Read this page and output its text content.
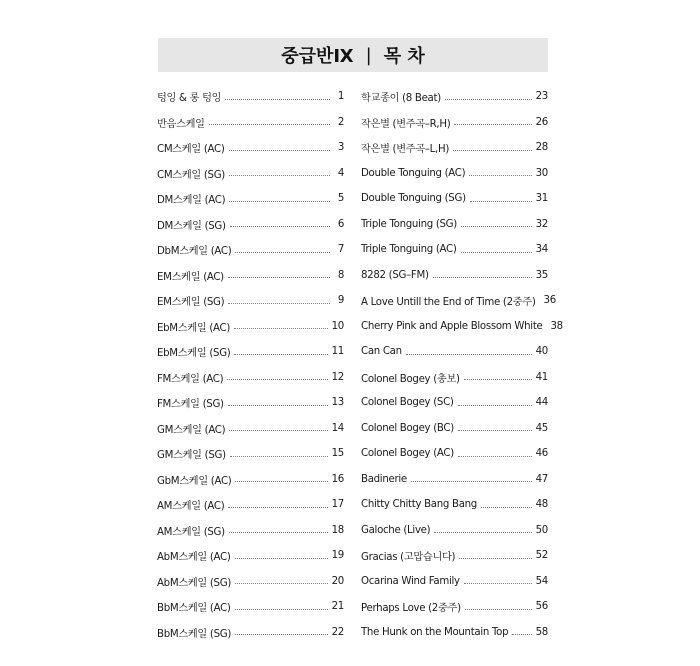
중급반Ⅸ | 목 차
텅잉 & 롱 텅잉	1
반음스케일	2
CM스케일 (AC)	3
CM스케일 (SG)	4
DM스케일 (AC)	5
DM스케일 (SG)	6
DbM스케일 (AC)	7
EM스케일 (AC)	8
EM스케일 (SG)	9
EbM스케일 (AC)	10
EbM스케일 (SG)	11
FM스케일 (AC)	12
FM스케일 (SG)	13
GM스케일 (AC)	14
GM스케일 (SG)	15
GbM스케일 (AC)	16
AM스케일 (AC)	17
AM스케일 (SG)	18
AbM스케일 (AC)	19
AbM스케일 (SG)	20
BbM스케일 (AC)	21
BbM스케일 (SG)	22
학교종이 (8 Beat)	23
작은별 (변주곡–R,H)	26
작은별 (변주곡–L,H)	28
Double Tonguing (AC)	30
Double Tonguing (SG)	31
Triple Tonguing (SG)	32
Triple Tonguing (AC)	34
8282 (SG–FM)	35
A Love Untill the End of Time (2중주) 36
Cherry Pink and Apple Blossom White 38
Can Can	40
Colonel Bogey (총보)	41
Colonel Bogey (SC)	44
Colonel Bogey (BC)	45
Colonel Bogey (AC)	46
Badinerie	47
Chitty Chitty Bang Bang	48
Galoche (Live)	50
Gracias (고맙습니다)	52
Ocarina Wind Family	54
Perhaps Love (2중주)	56
The Hunk on the Mountain Top	58
